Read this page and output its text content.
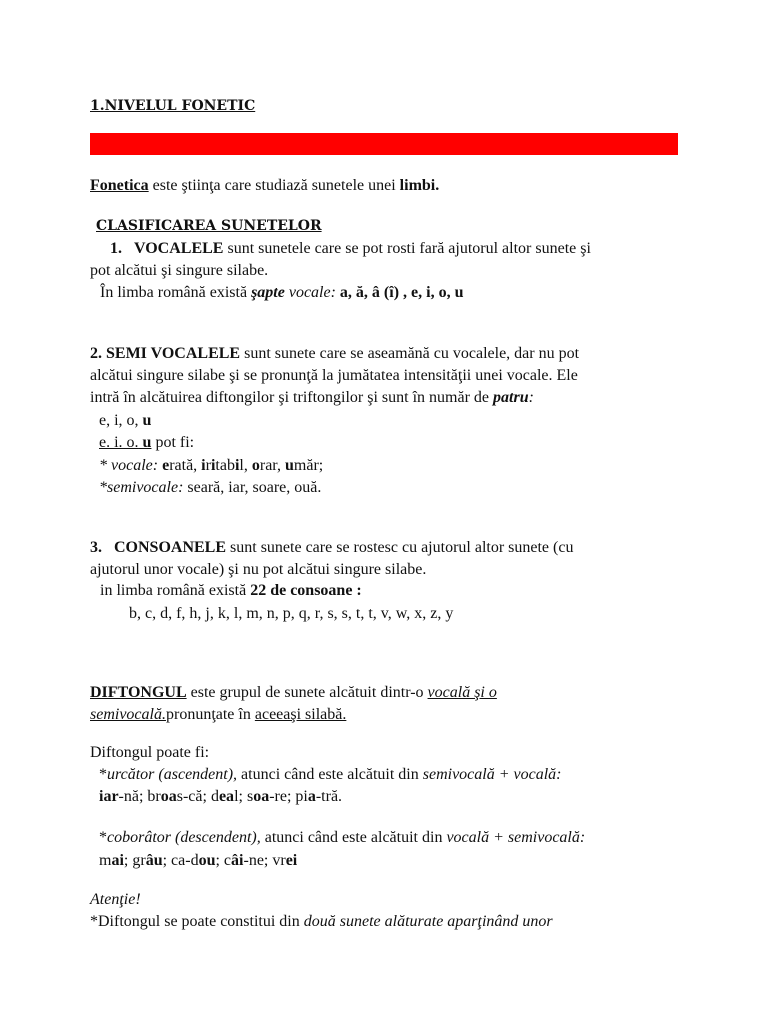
1.NIVELUL FONETIC
Fonetica este ştiinţa care studiază sunetele unei limbi.
CLASIFICAREA SUNETELOR
1. VOCALELE sunt sunetele care se pot rosti fară ajutorul altor sunete şi
pot alcătui şi singure silabe.
În limba română există şapte vocale: a, ă, â (î) , e, i, o, u
2. SEMI VOCALELE sunt sunete care se aseamănă cu vocalele, dar nu pot
alcătui singure silabe şi se pronunţă la jumătatea intensităţii unei vocale. Ele
intră în alcătuirea diftongilor şi triftongilor şi sunt în număr de patru:
e, i, o, u
e. i. o. u pot fi:
* vocale: erată, iritabil, orar, umăr;
*semivocale: seară, iar, soare, ouă.
3. CONSOANELE sunt sunete care se rostesc cu ajutorul altor sunete (cu
ajutorul unor vocale) şi nu pot alcătui singure silabe.
in limba română există 22 de consoane :
b, c, d, f, h, j, k, l, m, n, p, q, r, s, s, t, t, v, w, x, z, y
DIFTONGUL este grupul de sunete alcătuit dintr-o vocală şi o
semivocală.pronunţate în aceeaşi silabă.
Diftongul poate fi:
*urcător (ascendent), atunci când este alcătuit din semivocală + vocală:
iar-nă; broas-că; deal; soa-re; pia-tră.
*coborâtor (descendent), atunci când este alcătuit din vocală + semivocală:
mai; grâu; ca-dou; câi-ne; vrei
Atenţie!
*Diftongul se poate constitui din două sunete alăturate aparţinând unor
